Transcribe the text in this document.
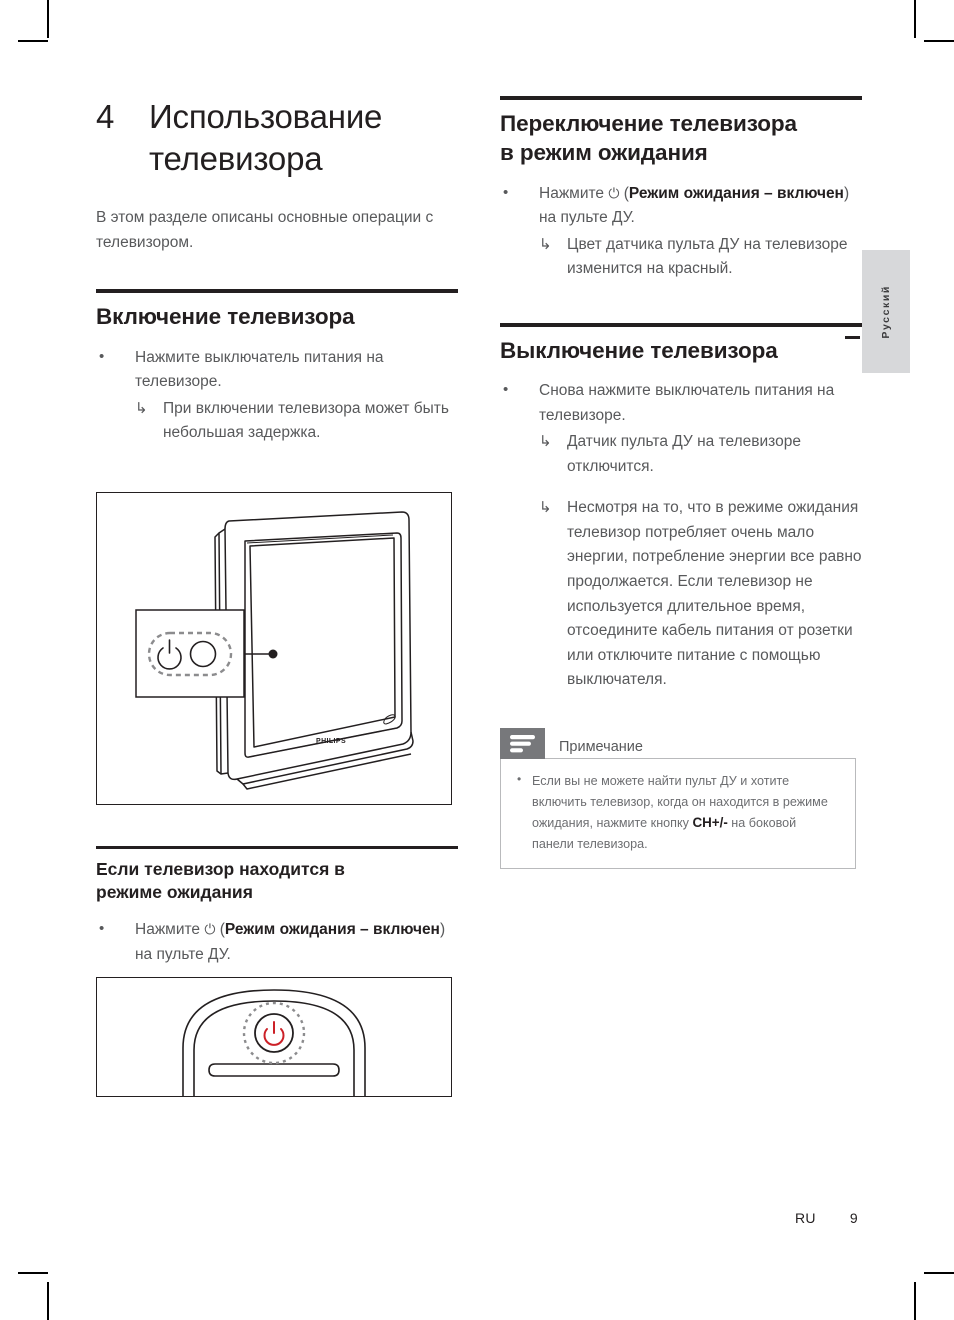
4	Использование телевизора
В этом разделе описаны основные операции с телевизором.
Включение телевизора
• Нажмите выключатель питания на телевизоре.
↳ При включении телевизора может быть небольшая задержка.
PHILIPS
Если телевизор находится в
режиме ожидания
• Нажмите ⏻ (Режим ожидания – включен) на пульте ДУ.
Переключение телевизора
в режим ожидания
• Нажмите ⏻ (Режим ожидания – включен) на пульте ДУ.
↳ Цвет датчика пульта ДУ на телевизоре изменится на красный.
Выключение телевизора
• Снова нажмите выключатель питания на телевизоре.
↳ Датчик пульта ДУ на телевизоре отключится.
↳ Несмотря на то, что в режиме ожидания телевизор потребляет очень мало энергии, потребление энергии все равно продолжается. Если телевизор не используется длительное время, отсоедините кабель питания от розетки или отключите питание с помощью выключателя.
Примечание
• Если вы не можете найти пульт ДУ и хотите включить телевизор, когда он находится в режиме ожидания, нажмите кнопку CH+/- на боковой панели телевизора.
Русский
RU 9
